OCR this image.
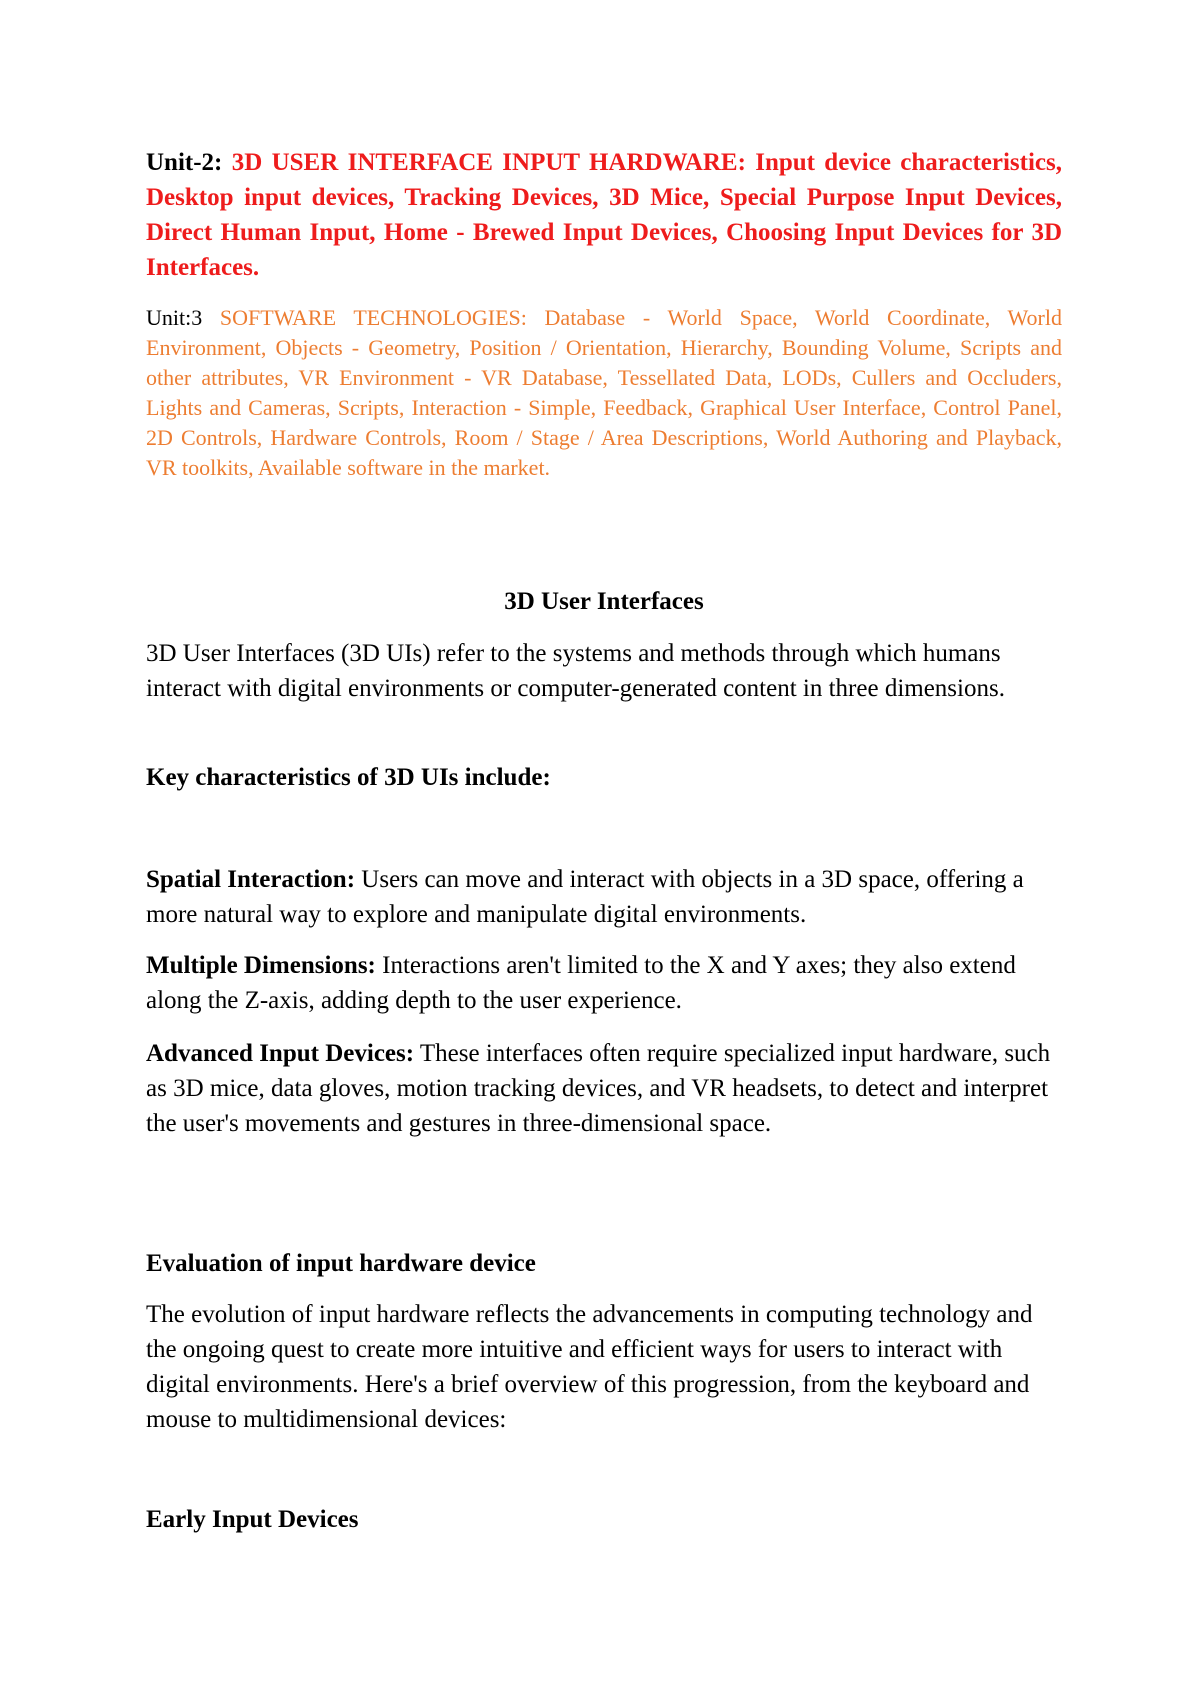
Unit-2: 3D USER INTERFACE INPUT HARDWARE: Input device characteristics, Desktop input devices, Tracking Devices, 3D Mice, Special Purpose Input Devices, Direct Human Input, Home - Brewed Input Devices, Choosing Input Devices for 3D Interfaces.

Unit:3 SOFTWARE TECHNOLOGIES: Database - World Space, World Coordinate, World Environment, Objects - Geometry, Position / Orientation, Hierarchy, Bounding Volume, Scripts and other attributes, VR Environment - VR Database, Tessellated Data, LODs, Cullers and Occluders, Lights and Cameras, Scripts, Interaction - Simple, Feedback, Graphical User Interface, Control Panel, 2D Controls, Hardware Controls, Room / Stage / Area Descriptions, World Authoring and Playback, VR toolkits, Available software in the market.

3D User Interfaces

3D User Interfaces (3D UIs) refer to the systems and methods through which humans interact with digital environments or computer-generated content in three dimensions.

Key characteristics of 3D UIs include:

Spatial Interaction: Users can move and interact with objects in a 3D space, offering a more natural way to explore and manipulate digital environments.

Multiple Dimensions: Interactions aren't limited to the X and Y axes; they also extend along the Z-axis, adding depth to the user experience.

Advanced Input Devices: These interfaces often require specialized input hardware, such as 3D mice, data gloves, motion tracking devices, and VR headsets, to detect and interpret the user's movements and gestures in three-dimensional space.

Evaluation of input hardware device

The evolution of input hardware reflects the advancements in computing technology and the ongoing quest to create more intuitive and efficient ways for users to interact with digital environments. Here's a brief overview of this progression, from the keyboard and mouse to multidimensional devices:

Early Input Devices
